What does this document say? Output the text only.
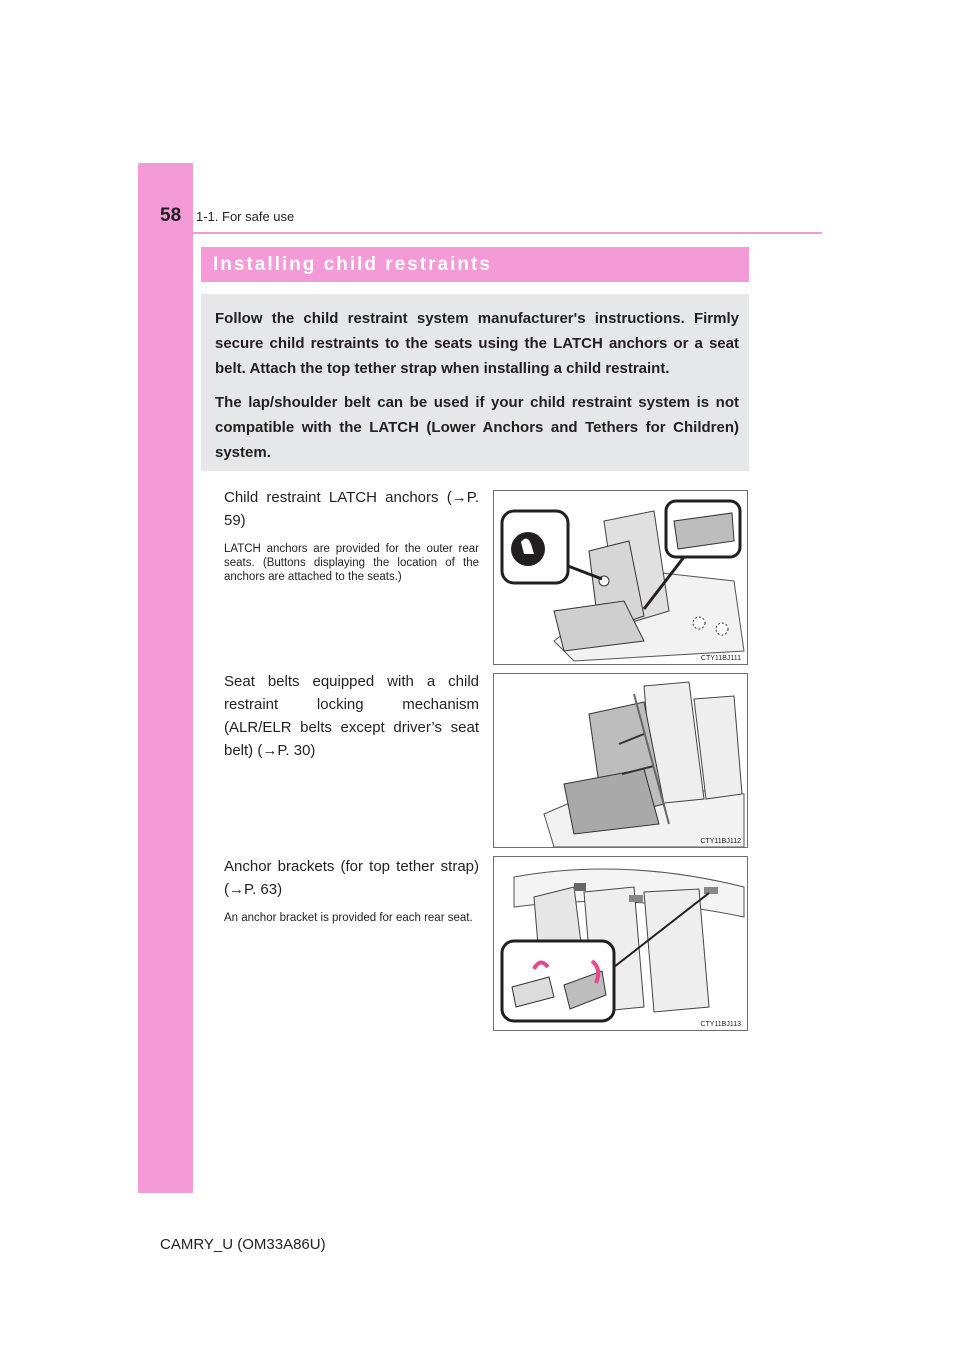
58 1-1. For safe use
Installing child restraints

Follow the child restraint system manufacturer's instructions. Firmly secure child restraints to the seats using the LATCH anchors or a seat belt. Attach the top tether strap when installing a child restraint.

The lap/shoulder belt can be used if your child restraint system is not compatible with the LATCH (Lower Anchors and Tethers for Children) system.

Child restraint LATCH anchors (→P. 59)

LATCH anchors are provided for the outer rear seats. (Buttons displaying the location of the anchors are attached to the seats.)

CTY11BJ111

Seat belts equipped with a child restraint locking mechanism (ALR/ELR belts except driver’s seat belt) (→P. 30)

CTY11BJ112

Anchor brackets (for top tether strap) (→P. 63)

An anchor bracket is provided for each rear seat.

CTY11BJ113
CAMRY_U (OM33A86U)
